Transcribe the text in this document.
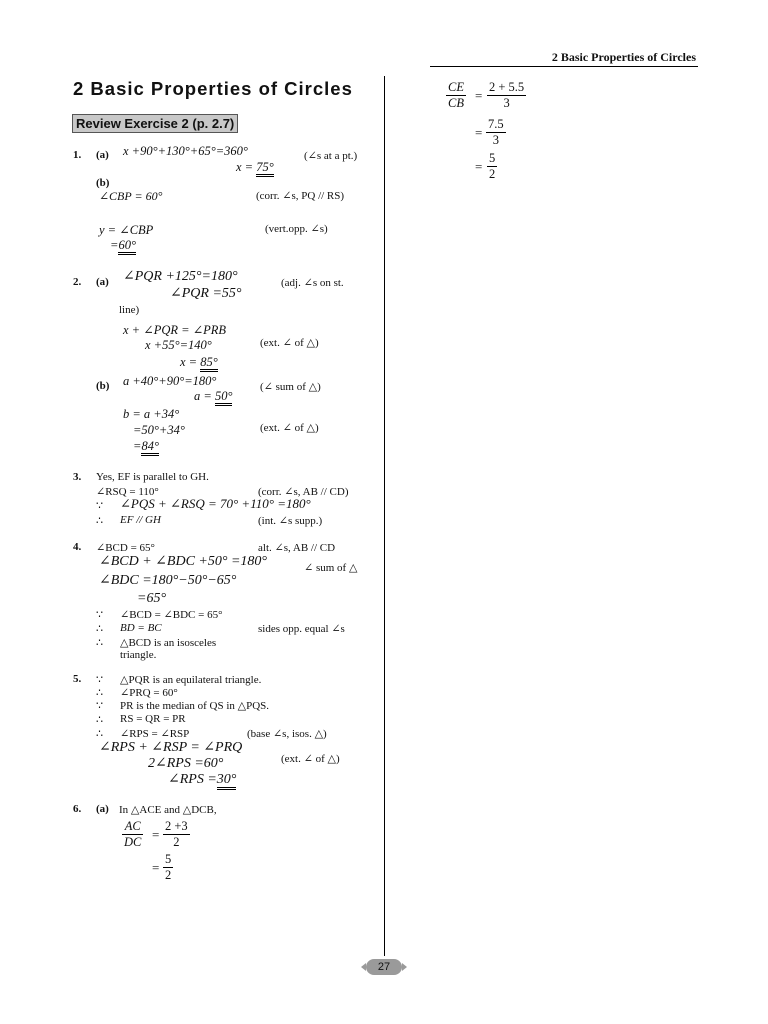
2 Basic Properties of Circles
2 Basic Properties of Circles
Review Exercise 2 (p. 2.7)
1. (a) x +90°+130°+65°=360°	(∠s at a pt.)
x = 75°
(b)
∠CBP = 60°	(corr. ∠s, PQ // RS)
y = ∠CBP	(vert.opp. ∠s)
=60°
2. (a) ∠PQR +125°=180°	(adj. ∠s on st.
∠PQR =55°
line)
x + ∠PQR = ∠PRB
x +55°=140°	(ext. ∠ of △)
x = 85°
(b) a +40°+90°=180°	(∠ sum of △)
a = 50°
b = a +34°
=50°+34°	(ext. ∠ of △)
=84°
3. Yes, EF is parallel to GH.
∠RSQ = 110°	(corr. ∠s, AB // CD)
∵ ∠PQS + ∠RSQ = 70° +110° =180°
∴ EF // GH	(int. ∠s supp.)
4. ∠BCD = 65°	alt. ∠s, AB // CD
∠BCD + ∠BDC +50° =180°	∠ sum of △
∠BDC =180°−50°−65°
=65°
∵ ∠BCD = ∠BDC = 65°
∴ BD = BC	sides opp. equal ∠s
∴ △BCD is an isosceles
triangle.
5. ∵ △PQR is an equilateral triangle.
∴ ∠PRQ = 60°
∵ PR is the median of QS in △PQS.
∴ RS = QR = PR
∴ ∠RPS = ∠RSP	(base ∠s, isos. △)
∠RPS + ∠RSP = ∠PRQ
2∠RPS =60°	(ext. ∠ of △)
∠RPS =30°
6. (a) In △ACE and △DCB,
$\frac{AC}{DC} = \frac{2 +3}{2}$
= $\frac{5}{2}$
$\frac{CE}{CB} = \frac{2 + 5.5}{3}$
= $\frac{7.5}{3}$
= $\frac{5}{2}$
27
